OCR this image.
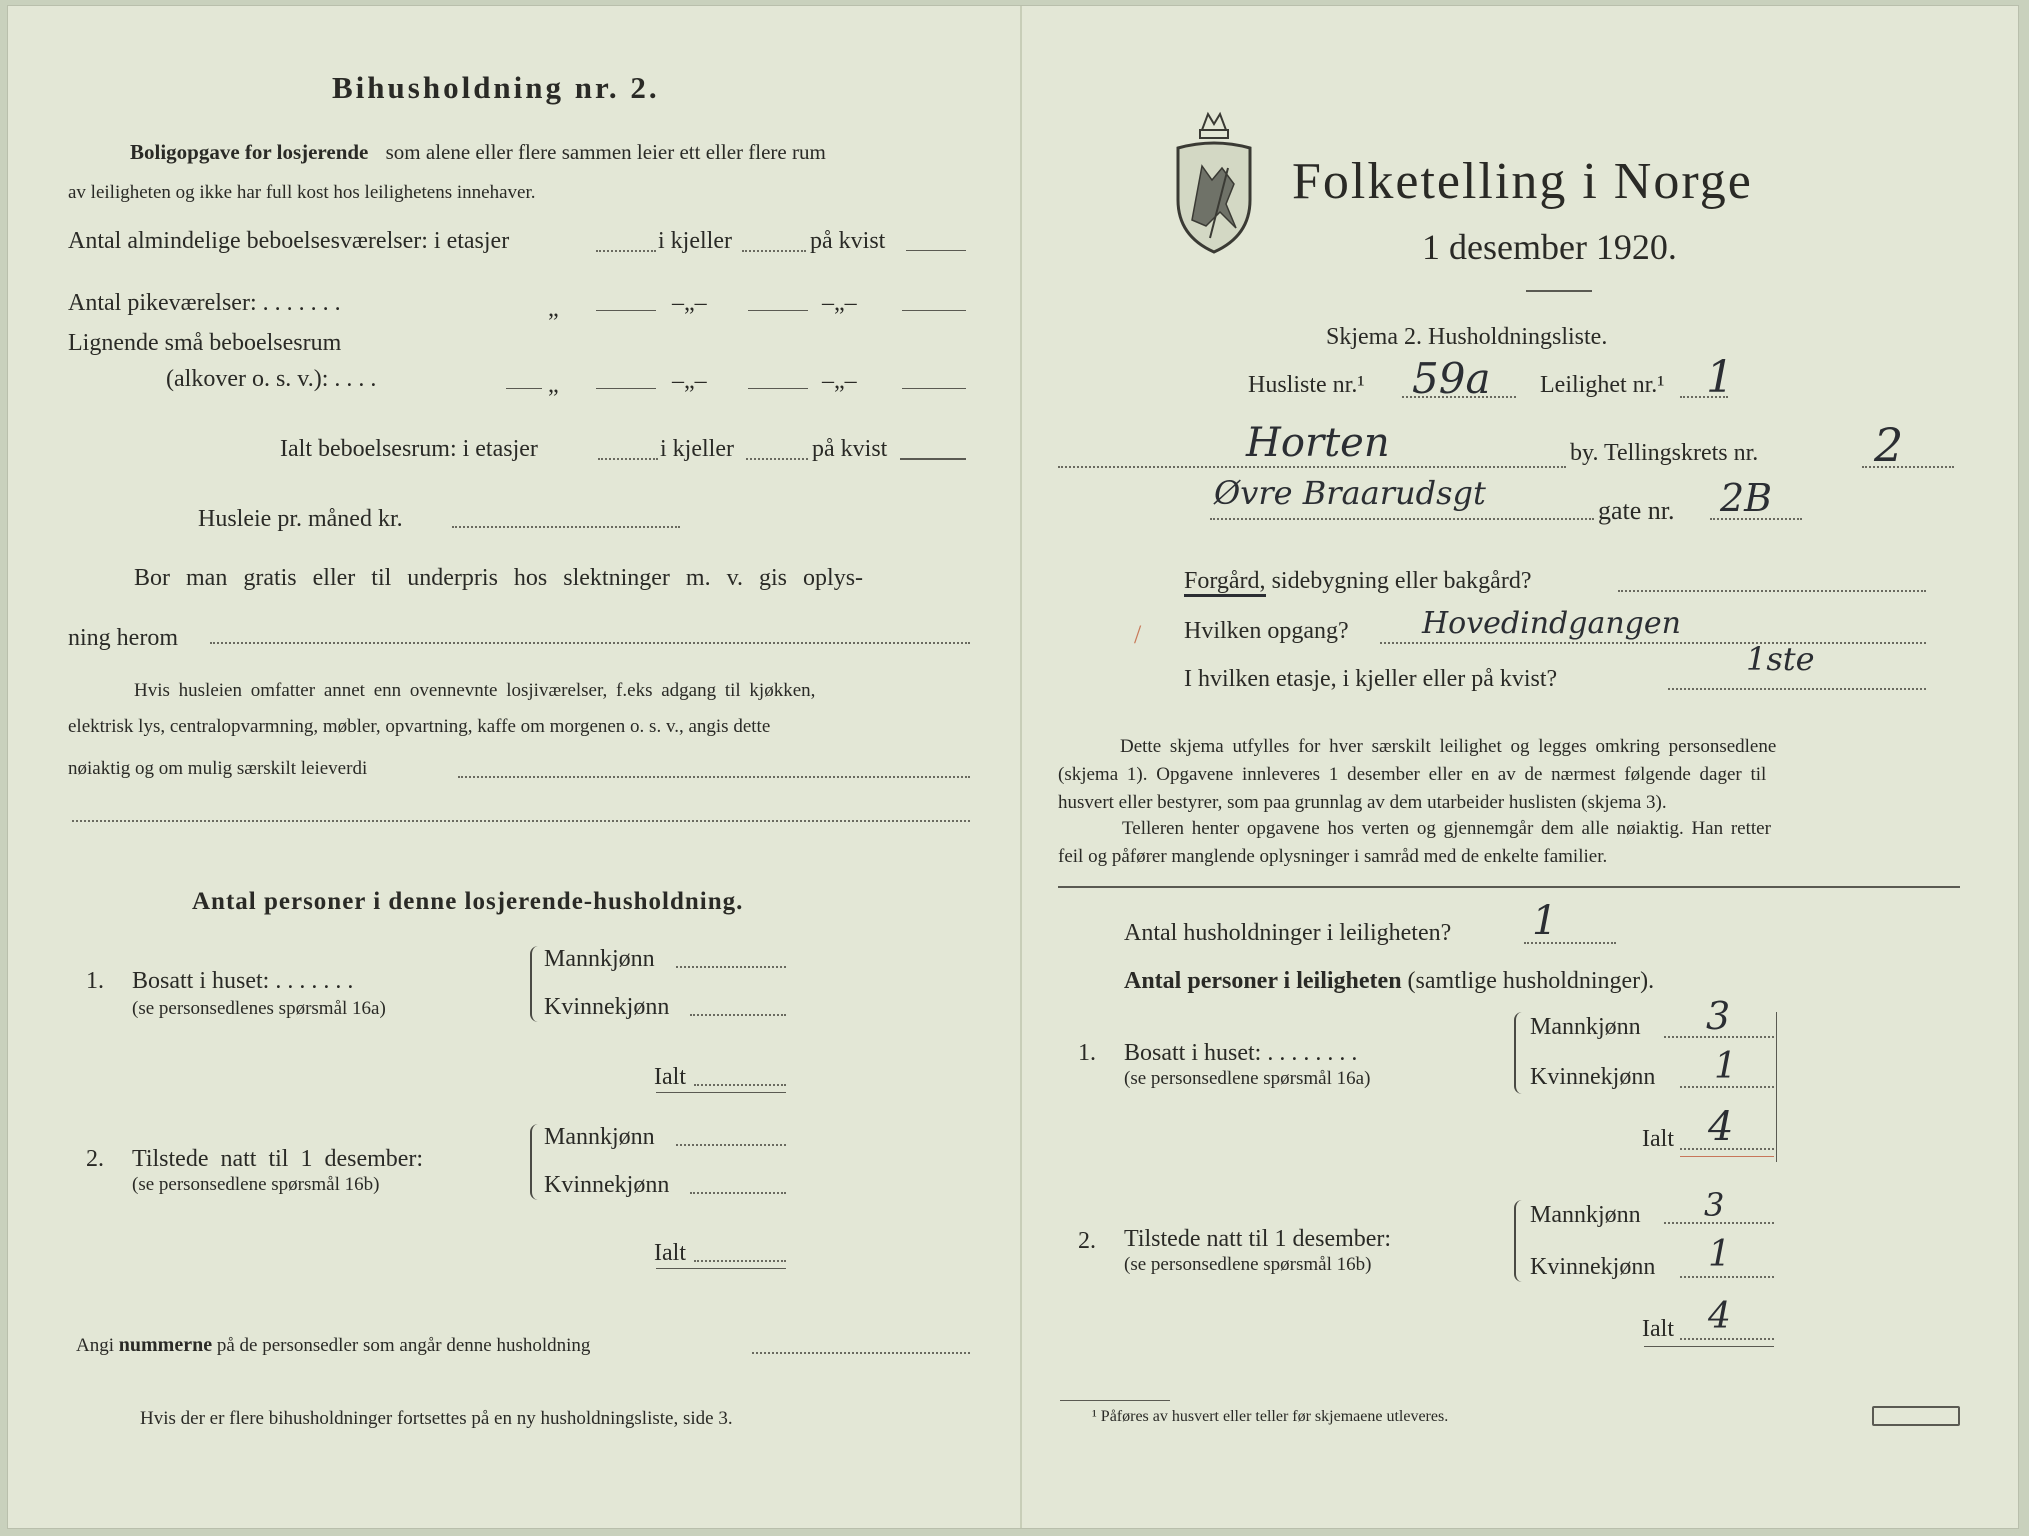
Bihusholdning nr. 2.
Boligopgave for losjerende som alene eller flere sammen leier ett eller flere rum
av leiligheten og ikke har full kost hos leilighetens innehaver.
Antal almindelige beboelsesværelser: i etasjer	i kjeller	på kvist
Antal pikeværelser: . . . . . . .	„	–„–	–„–
Lignende små beboelsesrum
(alkover o. s. v.): . . . .	„	–„–	–„–
Ialt beboelsesrum: i etasjer	i kjeller	på kvist
Husleie pr. måned kr.
Bor man gratis eller til underpris hos slektninger m. v. gis oplys-
ning herom
Hvis husleien omfatter annet enn ovennevnte losjiværelser, f.eks adgang til kjøkken,
elektrisk lys, centralopvarmning, møbler, opvartning, kaffe om morgenen o. s. v., angis dette
nøiaktig og om mulig særskilt leieverdi
Antal personer i denne losjerende-husholdning.
1. Bosatt i huset: . . . . . . .
(se personsedlenes spørsmål 16a)
Mannkjønn
Kvinnekjønn
Ialt
2. Tilstede natt til 1 desember:
(se personsedlene spørsmål 16b)
Mannkjønn
Kvinnekjønn
Ialt
Angi nummerne på de personsedler som angår denne husholdning
Hvis der er flere bihusholdninger fortsettes på en ny husholdningsliste, side 3.
Folketelling i Norge
1 desember 1920.
Skjema 2. Husholdningsliste.
Husliste nr.¹ 59a Leilighet nr.¹ 1
Horten	by. Tellingskrets nr.	2
Øvre Braarudsgt	gate nr. 2B
Forgård, sidebygning eller bakgård?
Hvilken opgang? Hovedindgangen
/
I hvilken etasje, i kjeller eller på kvist?
1ste
Dette skjema utfylles for hver særskilt leilighet og legges omkring personsedlene
(skjema 1). Opgavene innleveres 1 desember eller en av de nærmest følgende dager til
husvert eller bestyrer, som paa grunnlag av dem utarbeider huslisten (skjema 3).
Telleren henter opgavene hos verten og gjennemgår dem alle nøiaktig. Han retter
feil og påfører manglende oplysninger i samråd med de enkelte familier.
Antal husholdninger i leiligheten? 1
Antal personer i leiligheten (samtlige husholdninger).
1. Bosatt i huset: . . . . . . . .
(se personsedlene spørsmål 16a)
Mannkjønn 3
Kvinnekjønn 1
Ialt 4
2. Tilstede natt til 1 desember:
(se personsedlene spørsmål 16b)
Mannkjønn 3
Kvinnekjønn 1
Ialt 4
¹ Påføres av husvert eller teller før skjemaene utleveres.
